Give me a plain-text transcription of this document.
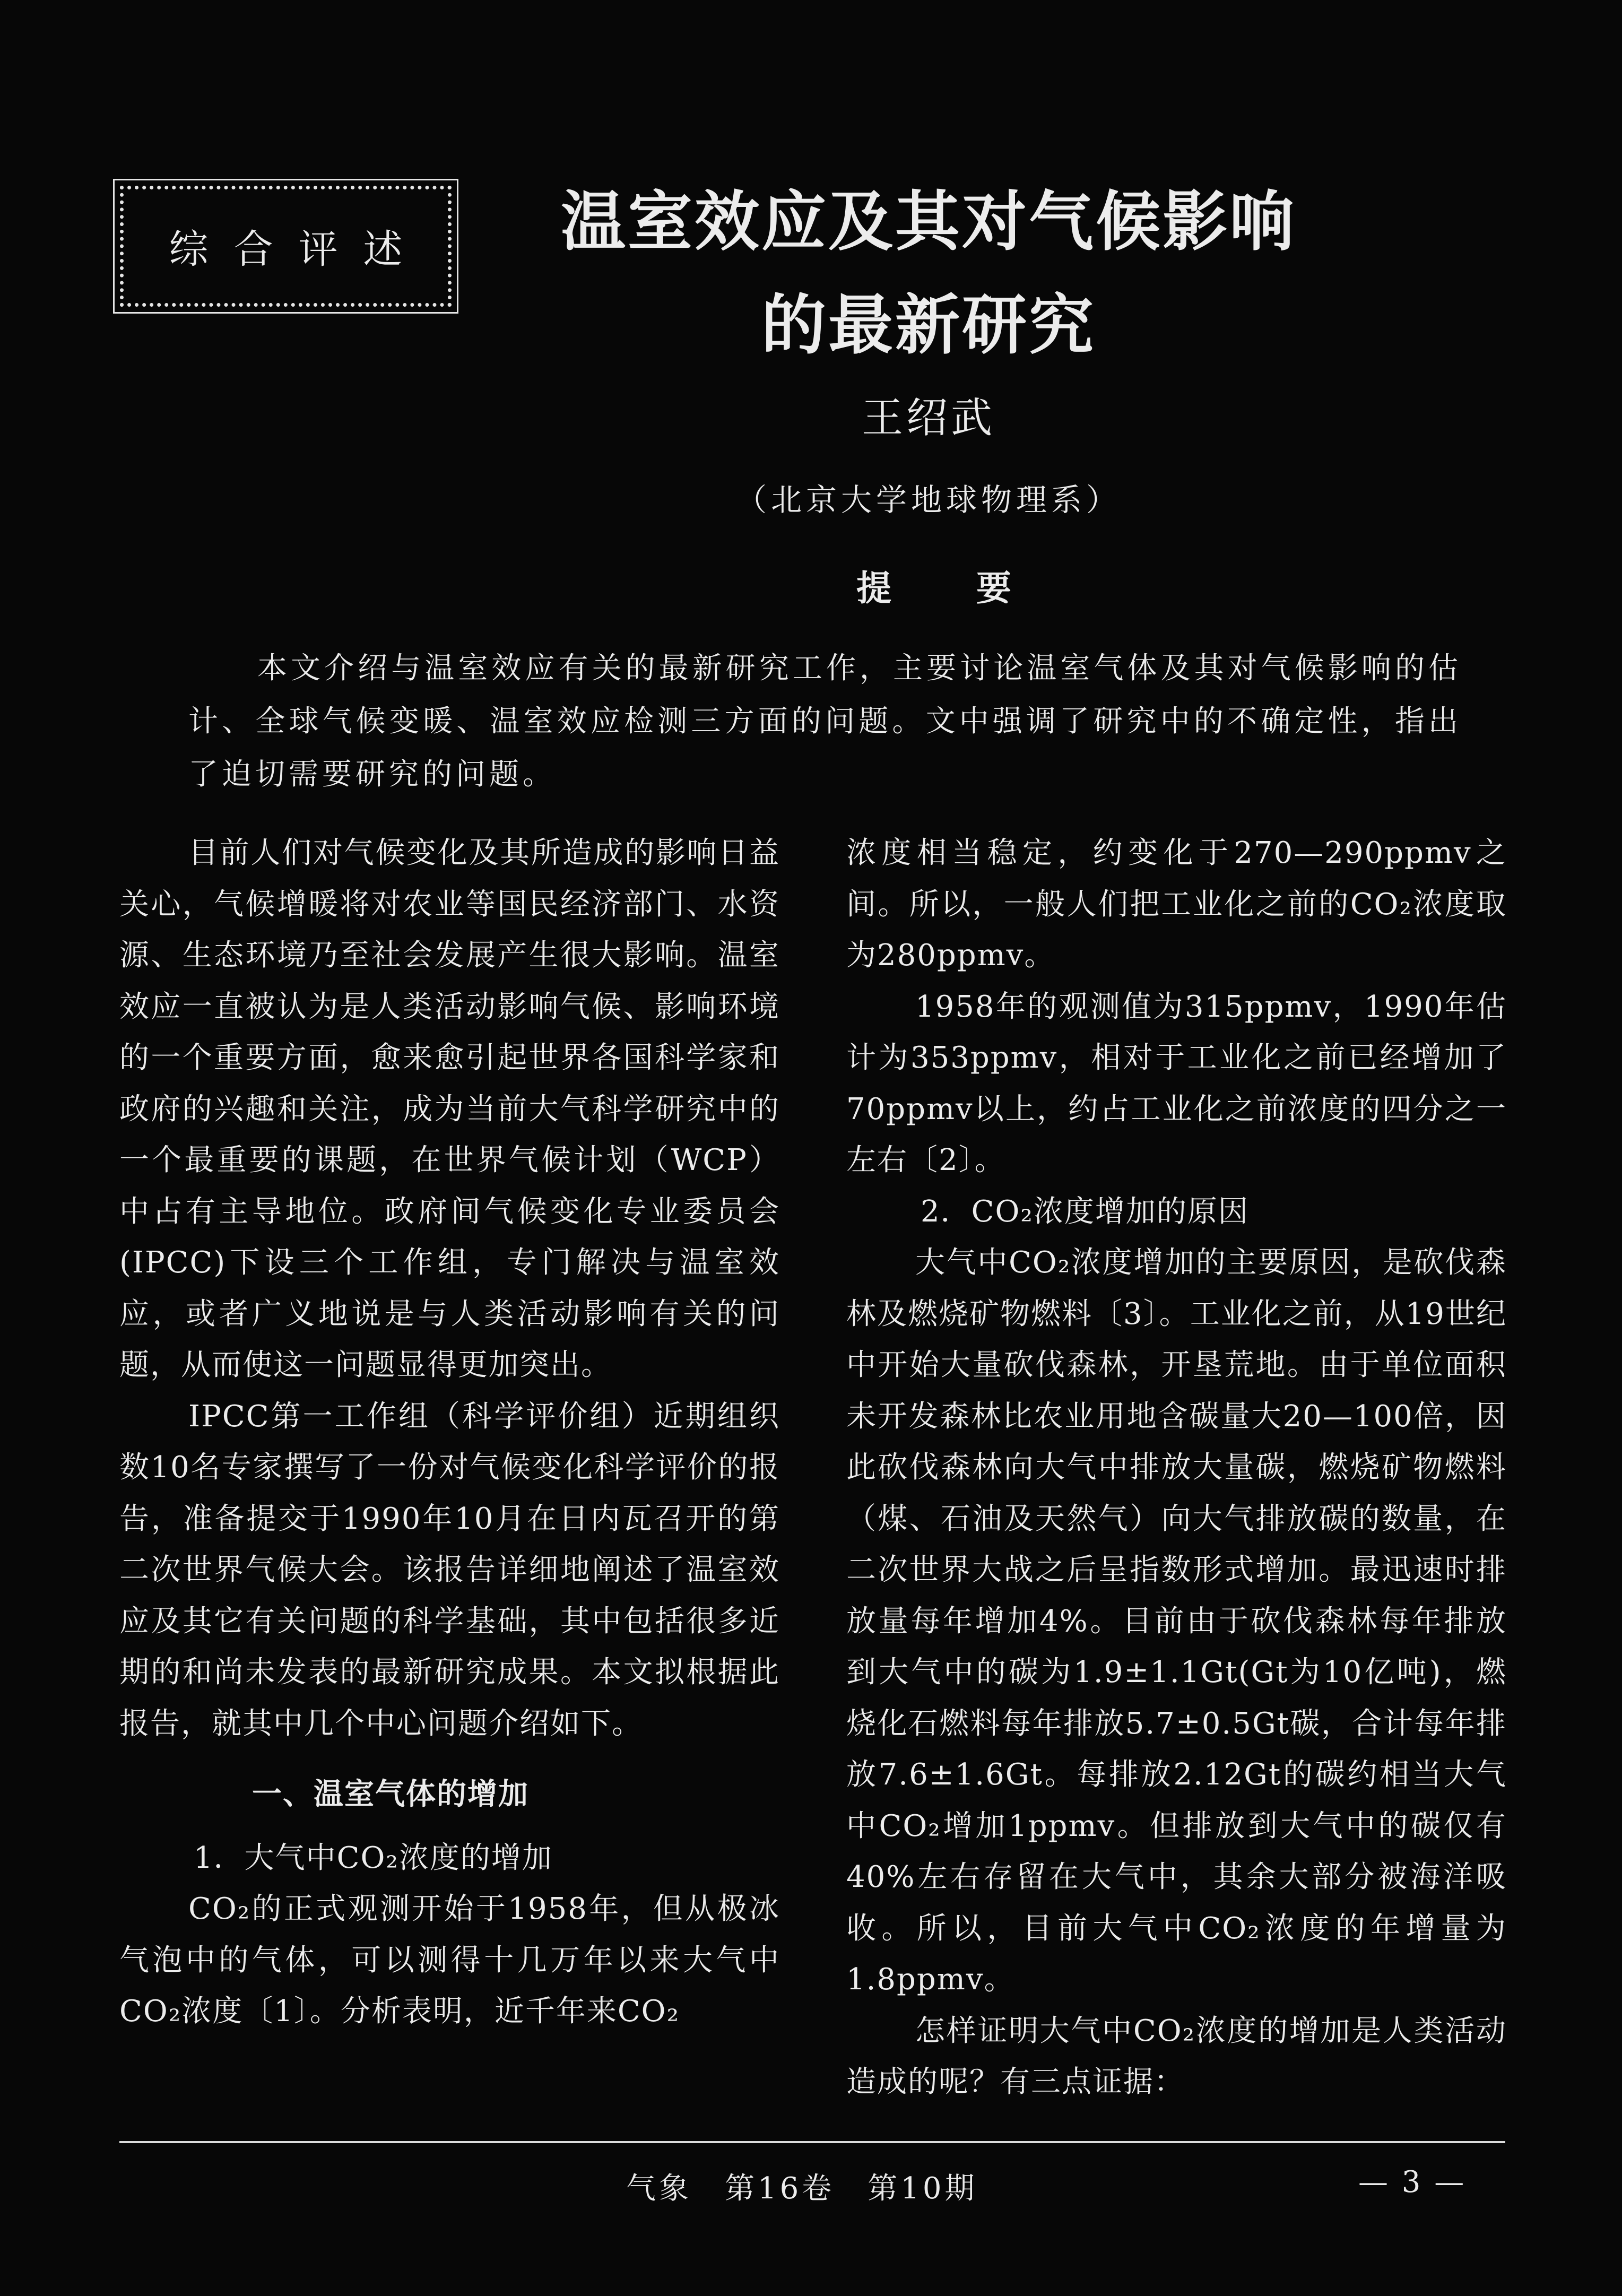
综合评述	温室效应及其对气候影响
的最新研究
王绍武
（北京大学地球物理系）
提要

本文介绍与温室效应有关的最新研究工作，主要讨论温室气体及其对气候影响的估计、全球气候变暖、温室效应检测三方面的问题。文中强调了研究中的不确定性，指出了迫切需要研究的问题。

目前人们对气候变化及其所造成的影响日益关心，气候增暖将对农业等国民经济部门、水资源、生态环境乃至社会发展产生很大影响。温室效应一直被认为是人类活动影响气候、影响环境的一个重要方面，愈来愈引起世界各国科学家和政府的兴趣和关注，成为当前大气科学研究中的一个最重要的课题，在世界气候计划（WCP）中占有主导地位。政府间气候变化专业委员会(IPCC)下设三个工作组，专门解决与温室效应，或者广义地说是与人类活动影响有关的问题，从而使这一问题显得更加突出。

IPCC第一工作组（科学评价组）近期组织数10名专家撰写了一份对气候变化科学评价的报告，准备提交于1990年10月在日内瓦召开的第二次世界气候大会。该报告详细地阐述了温室效应及其它有关问题的科学基础，其中包括很多近期的和尚未发表的最新研究成果。本文拟根据此报告，就其中几个中心问题介绍如下。

一、温室气体的增加

1．大气中CO₂浓度的增加

CO₂的正式观测开始于1958年，但从极冰气泡中的气体，可以测得十几万年以来大气中CO₂浓度〔1〕。分析表明，近千年来CO₂

浓度相当稳定，约变化于270—290ppmv之间。所以，一般人们把工业化之前的CO₂浓度取为280ppmv。

1958年的观测值为315ppmv，1990年估计为353ppmv，相对于工业化之前已经增加了70ppmv以上，约占工业化之前浓度的四分之一左右〔2〕。

2．CO₂浓度增加的原因

大气中CO₂浓度增加的主要原因，是砍伐森林及燃烧矿物燃料〔3〕。工业化之前，从19世纪中开始大量砍伐森林，开垦荒地。由于单位面积未开发森林比农业用地含碳量大20—100倍，因此砍伐森林向大气中排放大量碳，燃烧矿物燃料（煤、石油及天然气）向大气排放碳的数量，在二次世界大战之后呈指数形式增加。最迅速时排放量每年增加4%。目前由于砍伐森林每年排放到大气中的碳为1.9±1.1Gt(Gt为10亿吨)，燃烧化石燃料每年排放5.7±0.5Gt碳，合计每年排放7.6±1.6Gt。每排放2.12Gt的碳约相当大气中CO₂增加1ppmv。但排放到大气中的碳仅有40%左右存留在大气中，其余大部分被海洋吸收。所以，目前大气中CO₂浓度的年增量为1.8ppmv。

怎样证明大气中CO₂浓度的增加是人类活动造成的呢？有三点证据：

气象　第16卷　第10期	— 3 —
